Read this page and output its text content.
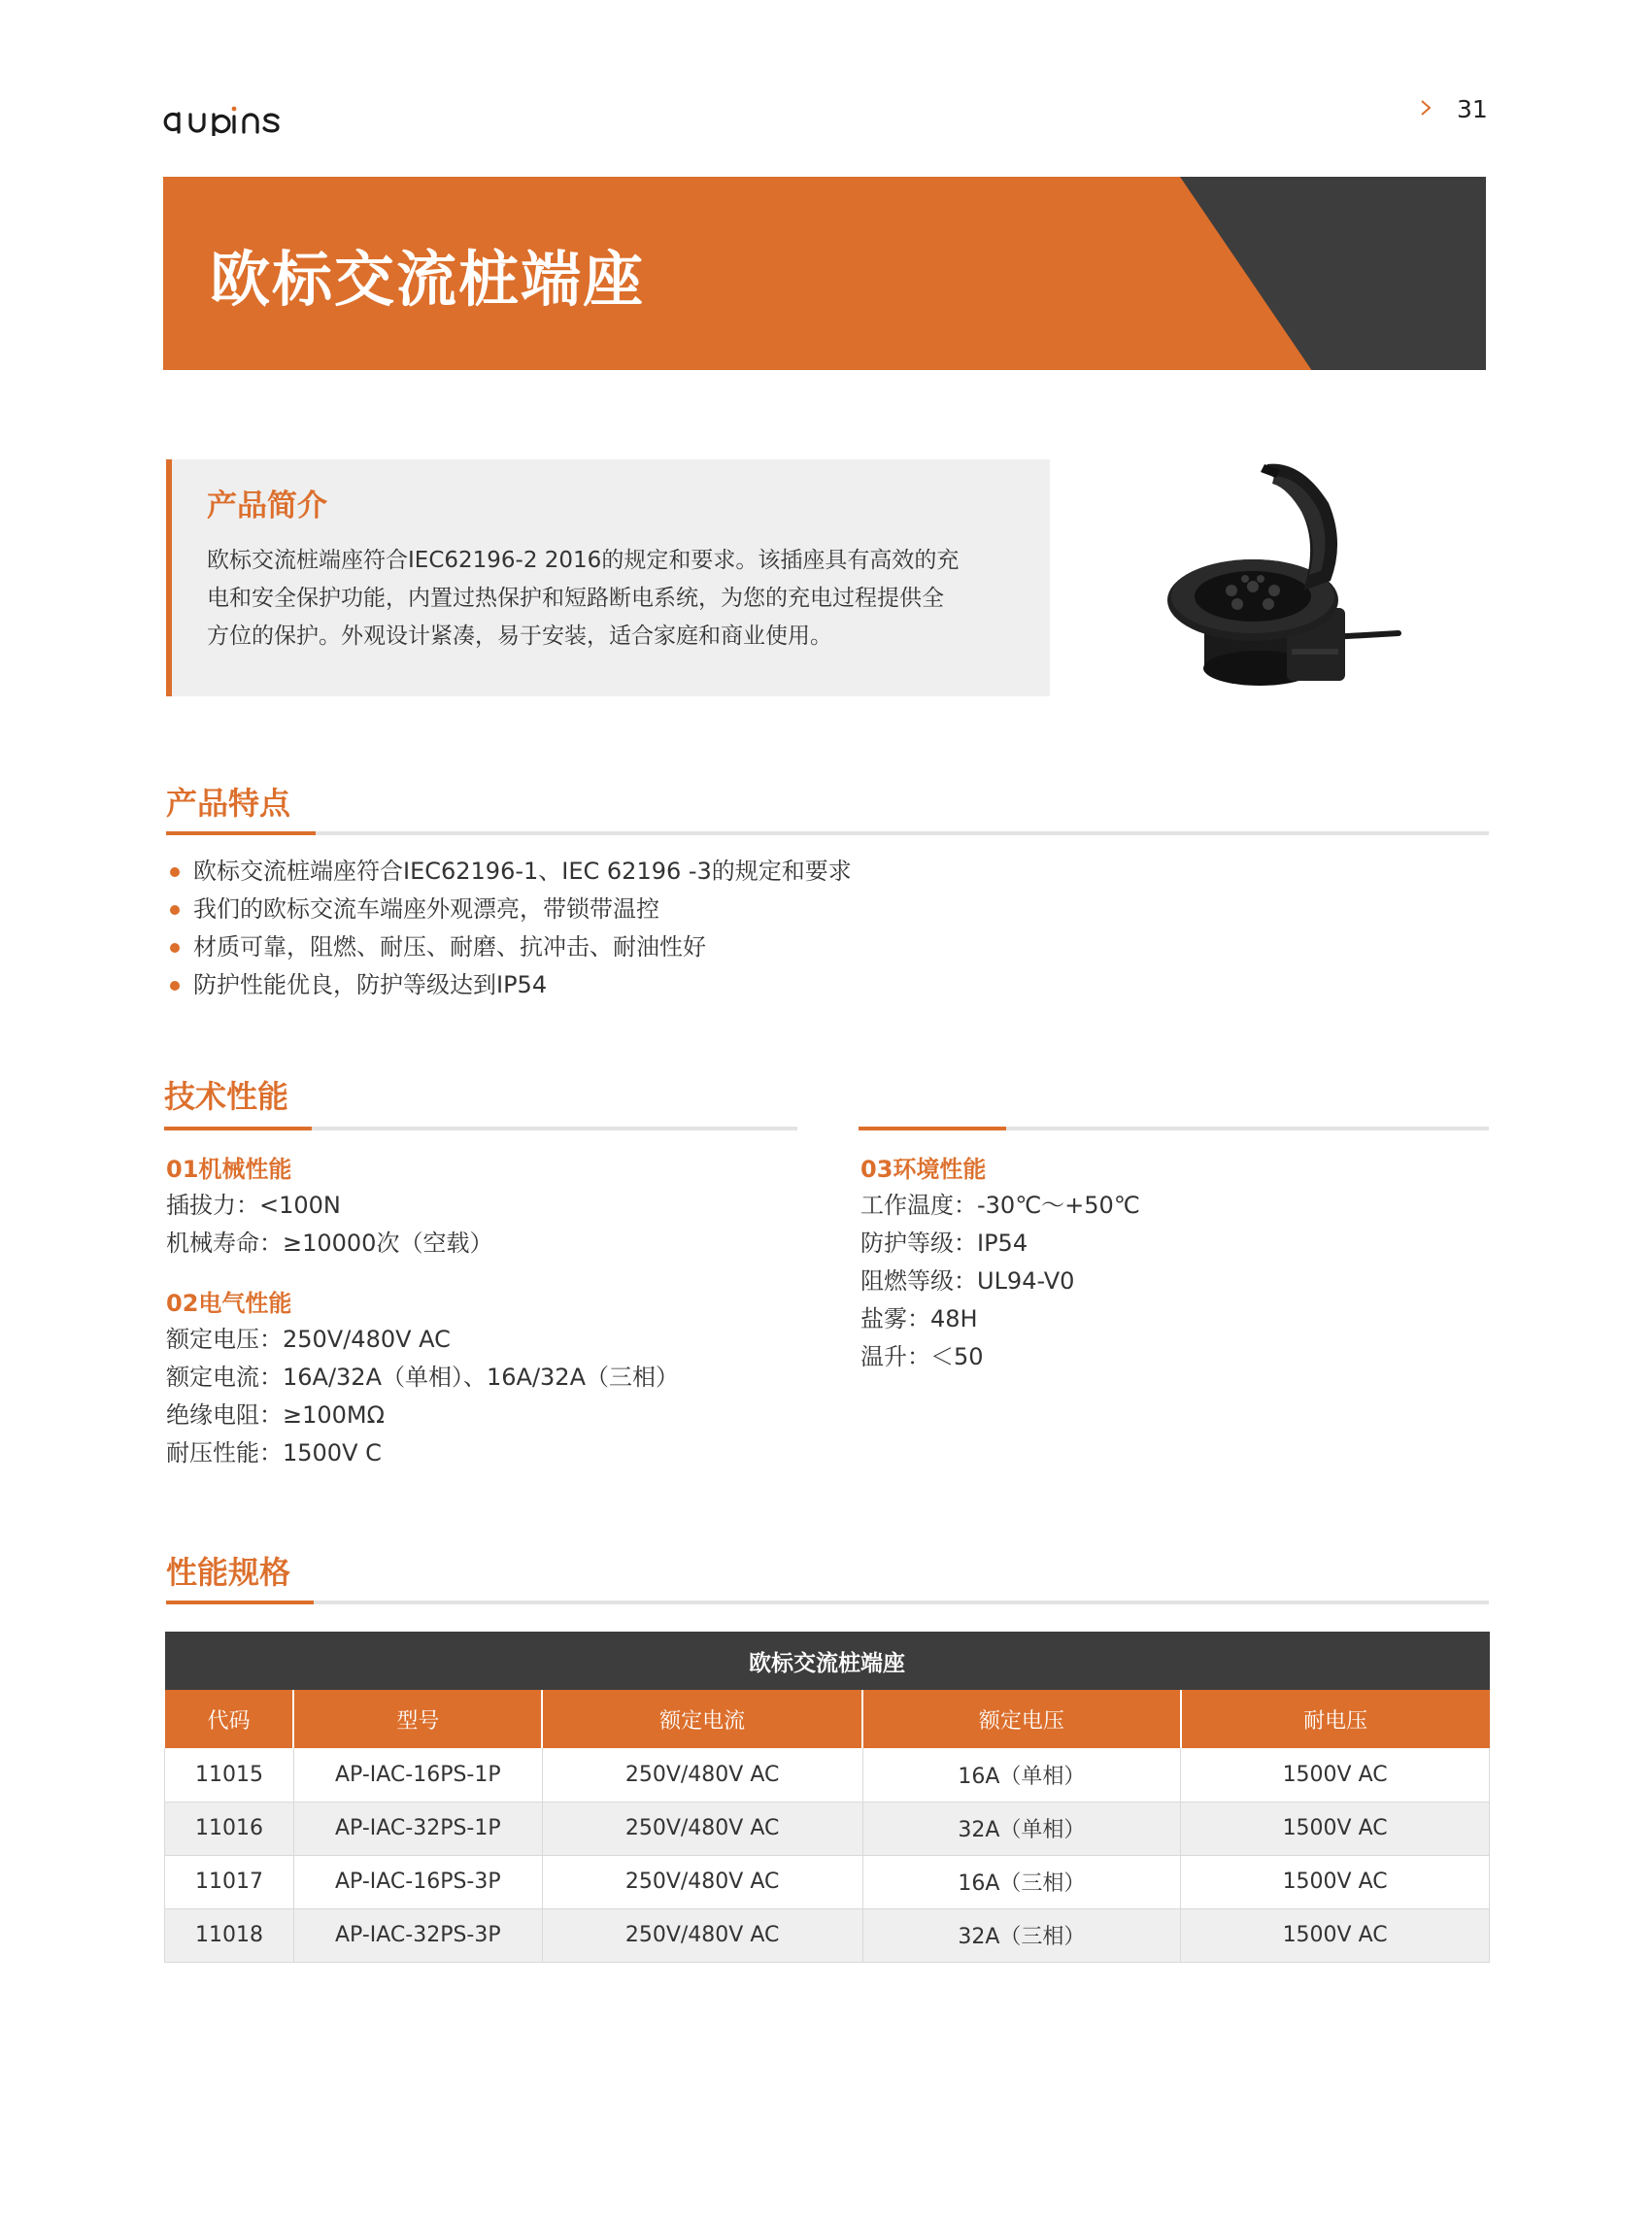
31
欧标交流桩端座
产品简介
欧标交流桩端座符合IEC62196-2 2016的规定和要求。该插座具有高效的充
电和安全保护功能，内置过热保护和短路断电系统，为您的充电过程提供全
方位的保护。外观设计紧凑，易于安装，适合家庭和商业使用。
产品特点
欧标交流桩端座符合IEC62196-1、IEC 62196 -3的规定和要求
我们的欧标交流车端座外观漂亮，带锁带温控
材质可靠，阻燃、耐压、耐磨、抗冲击、耐油性好
防护性能优良，防护等级达到IP54
技术性能
01机械性能
插拔力：<100N
机械寿命：≥10000次（空载）
02电气性能
额定电压：250V/480V AC
额定电流：16A/32A（单相）、16A/32A（三相）
绝缘电阻：≥100MΩ
耐压性能：1500V C
03环境性能
工作温度：-30℃～+50℃
防护等级：IP54
阻燃等级：UL94-V0
盐雾：48H
温升：＜50
性能规格
欧标交流桩端座				
代码	型号	额定电流	额定电压	耐电压
11015	AP-IAC-16PS-1P	250V/480V AC	16A（单相）	1500V AC
11016	AP-IAC-32PS-1P	250V/480V AC	32A（单相）	1500V AC
11017	AP-IAC-16PS-3P	250V/480V AC	16A（三相）	1500V AC
11018	AP-IAC-32PS-3P	250V/480V AC	32A（三相）	1500V AC
